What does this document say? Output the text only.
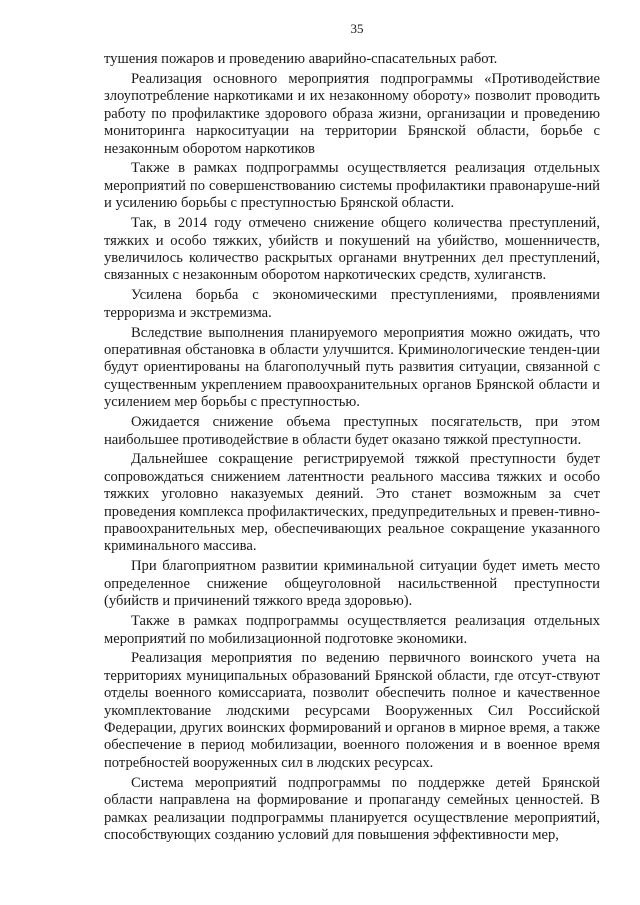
35

тушения пожаров и проведению аварийно-спасательных работ.

Реализация основного мероприятия подпрограммы «Противодействие злоупотребление наркотиками и их незаконному обороту» позволит проводить работу по профилактике здорового образа жизни, организации и проведению мониторинга наркоситуации на территории Брянской области, борьбе с незаконным оборотом наркотиков

Также в рамках подпрограммы осуществляется реализация отдельных мероприятий по совершенствованию системы профилактики правонаруше-ний и усилению борьбы с преступностью Брянской области.

Так, в 2014 году отмечено снижение общего количества преступлений, тяжких и особо тяжких, убийств и покушений на убийство, мошенничеств, увеличилось количество раскрытых органами внутренних дел преступлений, связанных с незаконным оборотом наркотических средств, хулиганств.

Усилена борьба с экономическими преступлениями, проявлениями терроризма и экстремизма.

Вследствие выполнения планируемого мероприятия можно ожидать, что оперативная обстановка в области улучшится. Криминологические тенден-ции будут ориентированы на благополучный путь развития ситуации, связанной с существенным укреплением правоохранительных органов Брянской области и усилением мер борьбы с преступностью.

Ожидается снижение объема преступных посягательств, при этом наибольшее противодействие в области будет оказано тяжкой преступности.

Дальнейшее сокращение регистрируемой тяжкой преступности будет сопровождаться снижением латентности реального массива тяжких и особо тяжких уголовно наказуемых деяний. Это станет возможным за счет проведения комплекса профилактических, предупредительных и превен-тивно-правоохранительных мер, обеспечивающих реальное сокращение указанного криминального массива.

При благоприятном развитии криминальной ситуации будет иметь место определенное снижение общеуголовной насильственной преступности (убийств и причинений тяжкого вреда здоровью).

Также в рамках подпрограммы осуществляется реализация отдельных мероприятий по мобилизационной подготовке экономики.

Реализация мероприятия по ведению первичного воинского учета на территориях муниципальных образований Брянской области, где отсут-ствуют отделы военного комиссариата, позволит обеспечить полное и качественное укомплектование людскими ресурсами Вооруженных Сил Российской Федерации, других воинских формирований и органов в мирное время, а также обеспечение в период мобилизации, военного положения и в военное время потребностей вооруженных сил в людских ресурсах.

Система мероприятий подпрограммы по поддержке детей Брянской области направлена на формирование и пропаганду семейных ценностей. В рамках реализации подпрограммы планируется осуществление мероприятий, способствующих созданию условий для повышения эффективности мер,
